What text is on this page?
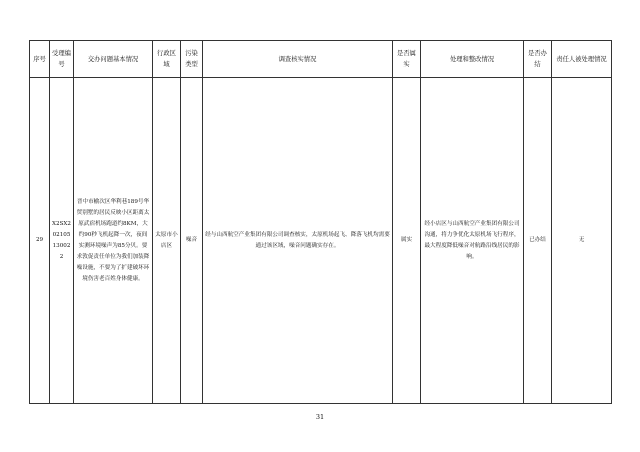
序号	受理编号	交办问题基本情况	行政区域	污染类型	调查核实情况	是否属实	处理和整改情况	是否办结	责任人被处理情况
29	X2SX202105130022	晋中市榆次区华利巷189号华贸别墅的居民反映小区距离太原武宿机场跑道约8KM，大约90秒飞机起降一次，夜间实测环境噪声为85分贝。要求敦促责任单位为我们加装降噪设施，不要为了扩建破坏环境伤害老百姓身体健康。	太原市小店区	噪音	经与山西航空产业集团有限公司调查核实，太原机场起飞、降落飞机均需要通过该区域，噪音问题确实存在。	属实	经小店区与山西航空产业集团有限公司沟通，将力争优化太原机场飞行程序，最大程度降低噪音对航路沿线居民的影响。	已办结	无
31
